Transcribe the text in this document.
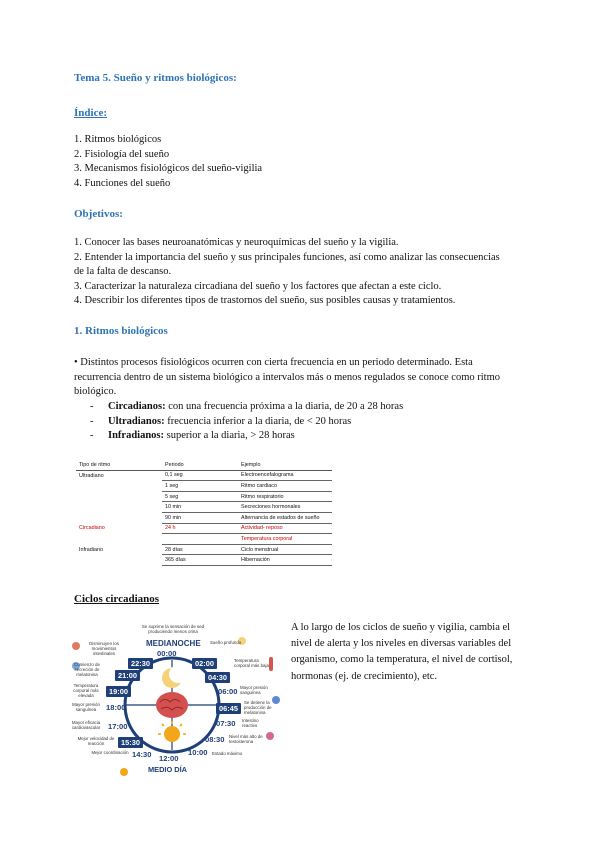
Tema 5. Sueño y ritmos biológicos:
Índice:
1. Ritmos biológicos
2. Fisiología del sueño
3. Mecanismos fisiológicos del sueño-vigilia
4. Funciones del sueño
Objetivos:
1. Conocer las bases neuroanatómicas y neuroquímicas del sueño y la vigilia.
2. Entender la importancia del sueño y sus principales funciones, así como analizar las consecuencias
de la falta de descanso.
3. Caracterizar la naturaleza circadiana del sueño y los factores que afectan a este ciclo.
4. Describir los diferentes tipos de trastornos del sueño, sus posibles causas y tratamientos.
1. Ritmos biológicos
• Distintos procesos fisiológicos ocurren con cierta frecuencia en un periodo determinado. Esta
recurrencia dentro de un sistema biológico a intervalos más o menos regulados se conoce como ritmo
biológico.
- Circadianos: con una frecuencia próxima a la diaria, de 20 a 28 horas
- Ultradianos: frecuencia inferior a la diaria, de < 20 horas
- Infradianos: superior a la diaria, > 28 horas
Tipo de ritmo	Periodo	Ejemplo
Ultradiano	0,1 seg	Electroencefalograma
	1 seg	Ritmo cardiaco
	5 seg	Ritmo respiratorio
	10 min	Secreciones hormonales
	90 min	Alternancia de estados de sueño
Circadiano	24 h	Actividad- reposo
		Temperatura corporal
Infradiano	28 días	Ciclo menstrual
	365 días	Hibernación
Ciclos circadianos
A lo largo de los ciclos de sueño y vigilia, cambia el
nivel de alerta y los niveles en diversas variables del
organismo, como la temperatura, el nivel de cortisol,
hormonas (ej. de crecimiento), etc.
Se suprime la sensación de sed produciendo menos orina
MEDIANOCHE
00:00
MEDIO DÍA
12:00
Sueño profundo
02:00	Temperatura corporal más baja
04:30
06:00 Mayor presión sanguínea
06:45
Se detiene la producción de melatonina
07:30 Intestino reactivo
08:30 Nivel más alto de testosterona
10:00 Estado máximo
Disminuyen los movimientos intestinales
22:30
Comienzo de secreción de melatonina	21:00
Temperatura corporal más elevada	19:00
Mayor presión sanguínea	18:00
Mayor eficacia cardiovascular	17:00
Mejor velocidad de reacción	15:30
Mejor coordinación 14:30
